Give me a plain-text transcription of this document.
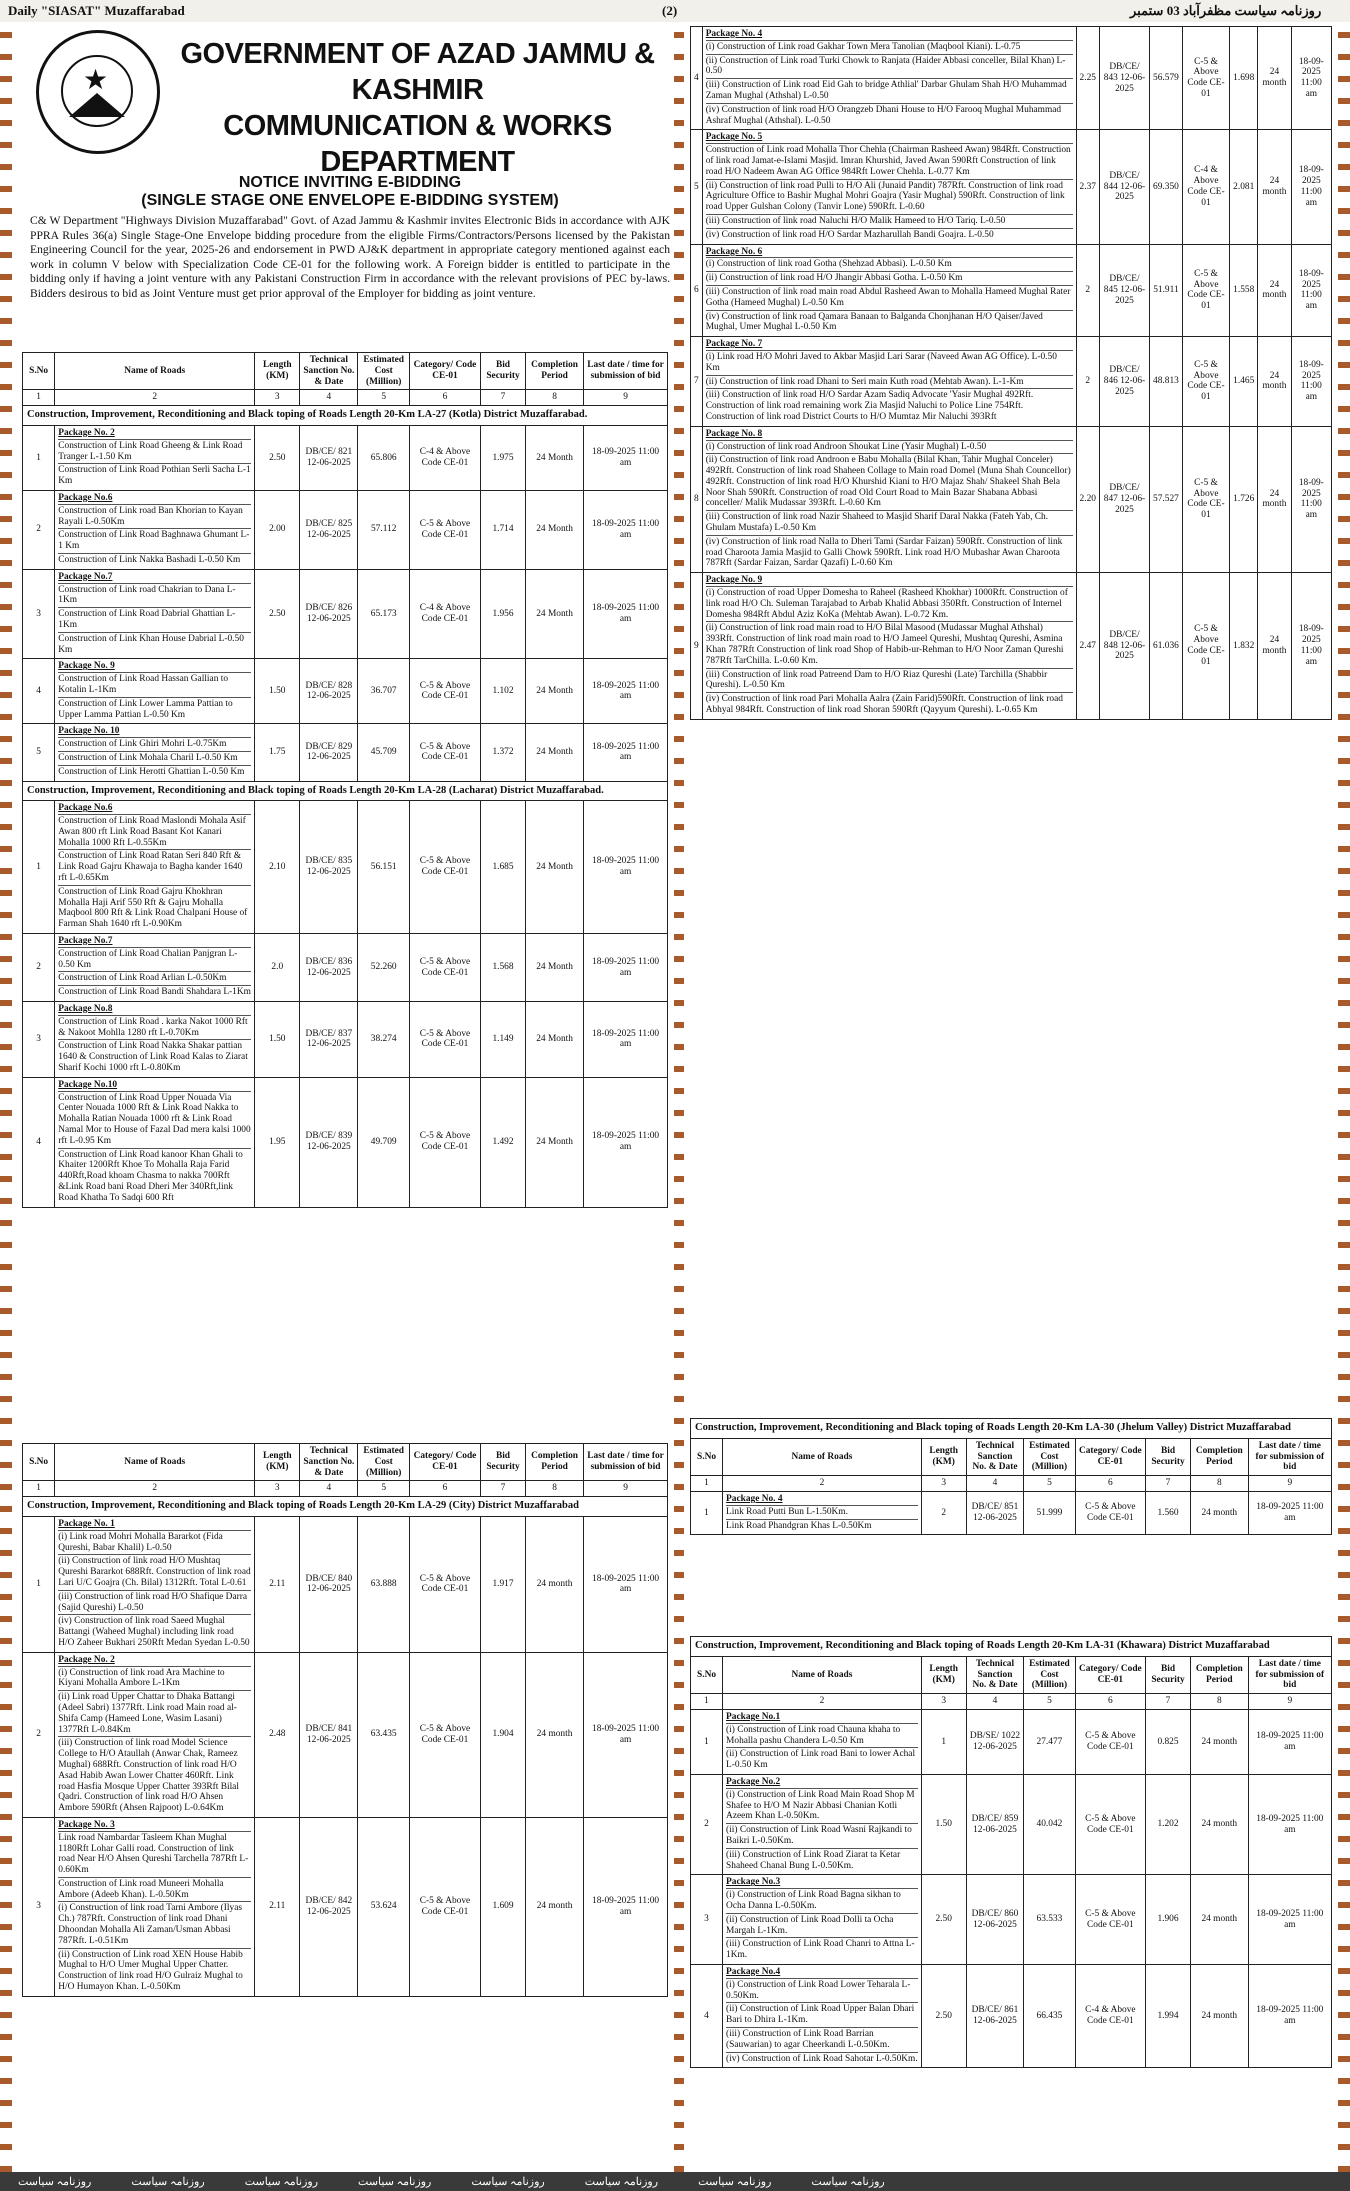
Daily "SIASAT" Muzaffarabad	(2)	روزنامہ سیاست مظفرآباد 03 ستمبر
★
GOVERNMENT OF AZAD JAMMU & KASHMIR
COMMUNICATION & WORKS DEPARTMENT
NOTICE INVITING E-BIDDING
(SINGLE STAGE ONE ENVELOPE E-BIDDING SYSTEM)
C& W Department "Highways Division Muzaffarabad" Govt. of Azad Jammu & Kashmir invites Electronic Bids in accordance with AJK PPRA Rules 36(a) Single Stage-One Envelope bidding procedure from the eligible Firms/Contractors/Persons licensed by the Pakistan Engineering Council for the year, 2025-26 and endorsement in PWD AJ&K department in appropriate category mentioned against each work in column V below with Specialization Code CE-01 for the following work. A Foreign bidder is entitled to participate in the bidding only if having a joint venture with any Pakistani Construction Firm in accordance with the relevant provisions of PEC by-laws. Bidders desirous to bid as Joint Venture must get prior approval of the Employer for bidding as joint venture.
S.No	Name of Roads	Length (KM)	Technical Sanction No. & Date	Estimated Cost (Million)	Category/ Code CE-01	Bid Security	Completion Period	Last date / time for submission of bid
1	2	3	4	5	6	7	8	9
Construction, Improvement, Reconditioning and Black toping of Roads Length 20-Km LA-27 (Kotla) District Muzaffarabad.								
1	Package No. 2
Construction of Link Road Gheeng & Link Road Tranger L-1.50 Km
Construction of Link Road Pothian Serli Sacha L-1 Km	2.50	DB/CE/ 821 12-06-2025	65.806	C-4 & Above Code CE-01	1.975	24 Month	18-09-2025 11:00 am
2	Package No.6
Construction of Link road Ban Khorian to Kayan Rayali L-0.50Km
Construction of Link Road Baghnawa Ghumant L-1 Km
Construction of Link Nakka Bashadi L-0.50 Km	2.00	DB/CE/ 825 12-06-2025	57.112	C-5 & Above Code CE-01	1.714	24 Month	18-09-2025 11:00 am
3	Package No.7
Construction of Link road Chakrian to Dana L-1Km
Construction of Link Road Dabrial Ghattian L-1Km
Construction of Link Khan House Dabrial L-0.50 Km	2.50	DB/CE/ 826 12-06-2025	65.173	C-4 & Above Code CE-01	1.956	24 Month	18-09-2025 11:00 am
4	Package No. 9
Construction of Link Road Hassan Gallian to Kotalin L-1Km
Construction of Link Lower Lamma Pattian to Upper Lamma Pattian L-0.50 Km	1.50	DB/CE/ 828 12-06-2025	36.707	C-5 & Above Code CE-01	1.102	24 Month	18-09-2025 11:00 am
5	Package No. 10
Construction of Link Ghiri Mohri L-0.75Km
Construction of Link Mohala Charil L-0.50 Km
Construction of Link Herotti Ghattian L-0.50 Km	1.75	DB/CE/ 829 12-06-2025	45.709	C-5 & Above Code CE-01	1.372	24 Month	18-09-2025 11:00 am
Construction, Improvement, Reconditioning and Black toping of Roads Length 20-Km LA-28 (Lacharat) District Muzaffarabad.								
1	Package No.6
Construction of Link Road Maslondi Mohala Asif Awan 800 rft Link Road Basant Kot Kanari Mohalla 1000 Rft L-0.55Km
Construction of Link Road Ratan Seri 840 Rft & Link Road Gajru Khawaja to Bagha kander 1640 rft L-0.65Km
Construction of Link Road Gajru Khokhran Mohalla Haji Arif 550 Rft & Gajru Mohalla Maqbool 800 Rft & Link Road Chalpani House of Farman Shah 1640 rft L-0.90Km	2.10	DB/CE/ 835 12-06-2025	56.151	C-5 & Above Code CE-01	1.685	24 Month	18-09-2025 11:00 am
2	Package No.7
Construction of Link Road Chalian Panjgran L-0.50 Km
Construction of Link Road Arlian L-0.50Km
Construction of Link Road Bandi Shahdara L-1Km	2.0	DB/CE/ 836 12-06-2025	52.260	C-5 & Above Code CE-01	1.568	24 Month	18-09-2025 11:00 am
3	Package No.8
Construction of Link Road . karka Nakot 1000 Rft & Nakoot Mohlla 1280 rft L-0.70Km
Construction of Link Road Nakka Shakar pattian 1640 & Construction of Link Road Kalas to Ziarat Sharif Kochi 1000 rft L-0.80Km	1.50	DB/CE/ 837 12-06-2025	38.274	C-5 & Above Code CE-01	1.149	24 Month	18-09-2025 11:00 am
4	Package No.10
Construction of Link Road Upper Nouada Via Center Nouada 1000 Rft & Link Road Nakka to Mohalla Ratian Nouada 1000 rft & Link Road Namal Mor to House of Fazal Dad mera kalsi 1000 rft L-0.95 Km
Construction of Link Road kanoor Khan Ghali to Khaiter 1200Rft Khoe To Mohalla Raja Farid 440Rft,Road khoam Chasma to nakka 700Rft &Link Road bani Road Dheri Mer 340Rft,link Road Khatha To Sadqi 600 Rft	1.95	DB/CE/ 839 12-06-2025	49.709	C-5 & Above Code CE-01	1.492	24 Month	18-09-2025 11:00 am
S.No	Name of Roads	Length (KM)	Technical Sanction No. & Date	Estimated Cost (Million)	Category/ Code CE-01	Bid Security	Completion Period	Last date / time for submission of bid
1	2	3	4	5	6	7	8	9
Construction, Improvement, Reconditioning and Black toping of Roads Length 20-Km LA-29 (City) District Muzaffarabad								
1	Package No. 1
(i) Link road Mohri Mohalla Bararkot (Fida Qureshi, Babar Khalil) L-0.50
(ii) Construction of link road H/O Mushtaq Qureshi Bararkot 688Rft. Construction of link road Lari U/C Goajra (Ch. Bilal) 1312Rft. Total L-0.61
(iii) Construction of link road H/O Shafique Darra (Sajid Qureshi) L-0.50
(iv) Construction of link road Saeed Mughal Battangi (Waheed Mughal) including link road H/O Zaheer Bukhari 250Rft Medan Syedan L-0.50	2.11	DB/CE/ 840 12-06-2025	63.888	C-5 & Above Code CE-01	1.917	24 month	18-09-2025 11:00 am
2	Package No. 2
(i) Construction of link road Ara Machine to Kiyani Mohalla Ambore L-1Km
(ii) Link road Upper Chattar to Dhaka Battangi (Adeel Sabri) 1377Rft. Link road Main road al-Shifa Camp (Hameed Lone, Wasim Lasani) 1377Rft L-0.84Km
(iii) Construction of link road Model Science College to H/O Ataullah (Anwar Chak, Rameez Mughal) 688Rft. Construction of link road H/O Asad Habib Awan Lower Chatter 460Rft. Link road Hasfia Mosque Upper Chatter 393Rft Bilal Qadri. Construction of link road H/O Ahsen Ambore 590Rft (Ahsen Rajpoot) L-0.64Km	2.48	DB/CE/ 841 12-06-2025	63.435	C-5 & Above Code CE-01	1.904	24 month	18-09-2025 11:00 am
3	Package No. 3
Link road Nambardar Tasleem Khan Mughal 1180Rft Lohar Galli road. Construction of link road Near H/O Ahsen Qureshi Tarchella 787Rft L-0.60Km
Construction of Link road Muneeri Mohalla Ambore (Adeeb Khan). L-0.50Km
(i) Construction of link road Tarni Ambore (Ilyas Ch.) 787Rft. Construction of link road Dhani Dhoondan Mohalla Ali Zaman/Usman Abbasi 787Rft. L-0.51Km
(ii) Construction of Link road XEN House Habib Mughal to H/O Umer Mughal Upper Chatter. Construction of link road H/O Gulraiz Mughal to H/O Humayon Khan. L-0.50Km	2.11	DB/CE/ 842 12-06-2025	53.624	C-5 & Above Code CE-01	1.609	24 month	18-09-2025 11:00 am
4	Package No. 4
(i) Construction of Link road Gakhar Town Mera Tanolian (Maqbool Kiani). L-0.75
(ii) Construction of Link road Turki Chowk to Ranjata (Haider Abbasi conceller, Bilal Khan) L-0.50
(iii) Construction of Link road Eid Gah to bridge Athlial' Darbar Ghulam Shah H/O Muhammad Zaman Mughal (Athshal) L-0.50
(iv) Construction of link road H/O Orangzeb Dhani House to H/O Farooq Mughal Muhammad Ashraf Mughal (Athshal). L-0.50	2.25	DB/CE/ 843 12-06-2025	56.579	C-5 & Above Code CE-01	1.698	24 month	18-09-2025 11:00 am
5	Package No. 5
Construction of Link road Mohalla Thor Chehla (Chairman Rasheed Awan) 984Rft. Construction of link road Jamat-e-Islami Masjid. Imran Khurshid, Javed Awan 590Rft Construction of link road H/O Nadeem Awan AG Office 984Rft Lower Chehla. L-0.77 Km
(ii) Construction of link road Pulli to H/O Ali (Junaid Pandit) 787Rft. Construction of link road Agriculture Office to Bashir Mughal Mohri Goajra (Yasir Mughal) 590Rft. Construction of link road Upper Gulshan Colony (Tanvir Lone) 590Rft. L-0.60
(iii) Construction of link road Naluchi H/O Malik Hameed to H/O Tariq. L-0.50
(iv) Construction of link road H/O Sardar Mazharullah Bandi Goajra. L-0.50	2.37	DB/CE/ 844 12-06-2025	69.350	C-4 & Above Code CE-01	2.081	24 month	18-09-2025 11:00 am
6	Package No. 6
(i) Construction of link road Gotha (Shehzad Abbasi). L-0.50 Km
(ii) Construction of link road H/O Jhangir Abbasi Gotha. L-0.50 Km
(iii) Construction of link road main road Abdul Rasheed Awan to Mohalla Hameed Mughal Rater Gotha (Hameed Mughal) L-0.50 Km
(iv) Construction of link road Qamara Banaan to Balganda Chonjhanan H/O Qaiser/Javed Mughal, Umer Mughal L-0.50 Km	2	DB/CE/ 845 12-06-2025	51.911	C-5 & Above Code CE-01	1.558	24 month	18-09-2025 11:00 am
7	Package No. 7
(i) Link road H/O Mohri Javed to Akbar Masjid Lari Sarar (Naveed Awan AG Office). L-0.50 Km
(ii) Construction of link road Dhani to Seri main Kuth road (Mehtab Awan). L-1-Km
(iii) Construction of link road H/O Sardar Azam Sadiq Advocate 'Yasir Mughal 492Rft. Construction of link road remaining work Zia Masjid Naluchi to Police Line 754Rft. Construction of link road District Courts to H/O Mumtaz Mir Naluchi 393Rft	2	DB/CE/ 846 12-06-2025	48.813	C-5 & Above Code CE-01	1.465	24 month	18-09-2025 11:00 am
8	Package No. 8
(i) Construction of link road Androon Shoukat Line (Yasir Mughal) L-0.50
(ii) Construction of link road Androon e Babu Mohalla (Bilal Khan, Tahir Mughal Conceler) 492Rft. Construction of link road Shaheen Collage to Main road Domel (Muna Shah Councellor) 492Rft. Construction of link road H/O Khurshid Kiani to H/O Majaz Shah/ Shakeel Shah Bela Noor Shah 590Rft. Construction of road Old Court Road to Main Bazar Shabana Abbasi conceller/ Malik Mudassar 393Rft. L-0.60 Km
(iii) Construction of link road Nazir Shaheed to Masjid Sharif Daral Nakka (Fateh Yab, Ch. Ghulam Mustafa) L-0.50 Km
(iv) Construction of link road Nalla to Dheri Tami (Sardar Faizan) 590Rft. Construction of link road Charoota Jamia Masjid to Galli Chowk 590Rft. Link road H/O Mubashar Awan Charoota 787Rft (Sardar Faizan, Sardar Qazafi) L-0.60 Km	2.20	DB/CE/ 847 12-06-2025	57.527	C-5 & Above Code CE-01	1.726	24 month	18-09-2025 11:00 am
9	Package No. 9
(i) Construction of road Upper Domesha to Raheel (Rasheed Khokhar) 1000Rft. Construction of link road H/O Ch. Suleman Tarajabad to Arbab Khalid Abbasi 350Rft. Construction of Internel Domesha 984Rft Abdul Aziz KoKa (Mehtab Awan). L-0.72 Km.
(ii) Construction of link road main road to H/O Bilal Masood (Mudassar Mughal Athshal) 393Rft. Construction of link road main road to H/O Jameel Qureshi, Mushtaq Qureshi, Asmina Khan 787Rft Construction of link road Shop of Habib-ur-Rehman to H/O Noor Zaman Qureshi 787Rft TarChilla. L-0.60 Km.
(iii) Construction of link road Patreend Dam to H/O Riaz Qureshi (Late) Tarchilla (Shabbir Qureshi). L-0.50 Km
(iv) Construction of link road Pari Mohalla Aalra (Zain Farid)590Rft. Construction of link road Abhyal 984Rft. Construction of link road Shoran 590Rft (Qayyum Qureshi). L-0.65 Km	2.47	DB/CE/ 848 12-06-2025	61.036	C-5 & Above Code CE-01	1.832	24 month	18-09-2025 11:00 am
Construction, Improvement, Reconditioning and Black toping of Roads Length 20-Km LA-30 (Jhelum Valley) District Muzaffarabad								
S.No	Name of Roads	Length (KM)	Technical Sanction No. & Date	Estimated Cost (Million)	Category/ Code CE-01	Bid Security	Completion Period	Last date / time for submission of bid
1	2	3	4	5	6	7	8	9
1	Package No. 4
Link Road Putti Bun L-1.50Km.
Link Road Phandgran Khas L-0.50Km	2	DB/CE/ 851 12-06-2025	51.999	C-5 & Above Code CE-01	1.560	24 month	18-09-2025 11:00 am
Construction, Improvement, Reconditioning and Black toping of Roads Length 20-Km LA-31 (Khawara) District Muzaffarabad								
S.No	Name of Roads	Length (KM)	Technical Sanction No. & Date	Estimated Cost (Million)	Category/ Code CE-01	Bid Security	Completion Period	Last date / time for submission of bid
1	2	3	4	5	6	7	8	9
1	Package No.1
(i) Construction of Link road Chauna khaha to Mohalla pashu Chandera L-0.50 Km
(ii) Construction of Link road Bani to lower Achal L-0.50 Km	1	DB/SE/ 1022 12-06-2025	27.477	C-5 & Above Code CE-01	0.825	24 month	18-09-2025 11:00 am
2	Package No.2
(i) Construction of Link Road Main Road Shop M Shafee to H/O M Nazir Abbasi Chanian Kotli Azeem Khan L-0.50Km.
(ii) Construction of Link Road Wasni Rajkandi to Baikri L-0.50Km.
(iii) Construction of Link Road Ziarat ta Ketar Shaheed Chanal Bung L-0.50Km.	1.50	DB/CE/ 859 12-06-2025	40.042	C-5 & Above Code CE-01	1.202	24 month	18-09-2025 11:00 am
3	Package No.3
(i) Construction of Link Road Bagna sikhan to Ocha Danna L-0.50Km.
(ii) Construction of Link Road Dolli ta Ocha Margah L-1Km.
(iii) Construction of Link Road Chanri to Attna L-1Km.	2.50	DB/CE/ 860 12-06-2025	63.533	C-5 & Above Code CE-01	1.906	24 month	18-09-2025 11:00 am
4	Package No.4
(i) Construction of Link Road Lower Teharala L-0.50Km.
(ii) Construction of Link Road Upper Balan Dhari Bari to Dhira L-1Km.
(iii) Construction of Link Road Barrian (Sauwarian) to agar Cheerkandi L-0.50Km.
(iv) Construction of Link Road Sahotar L-0.50Km.	2.50	DB/CE/ 861 12-06-2025	66.435	C-4 & Above Code CE-01	1.994	24 month	18-09-2025 11:00 am
روزنامہ سیاست	روزنامہ سیاست	روزنامہ سیاست	روزنامہ سیاست	روزنامہ سیاست	روزنامہ سیاست	روزنامہ سیاست	روزنامہ سیاست
